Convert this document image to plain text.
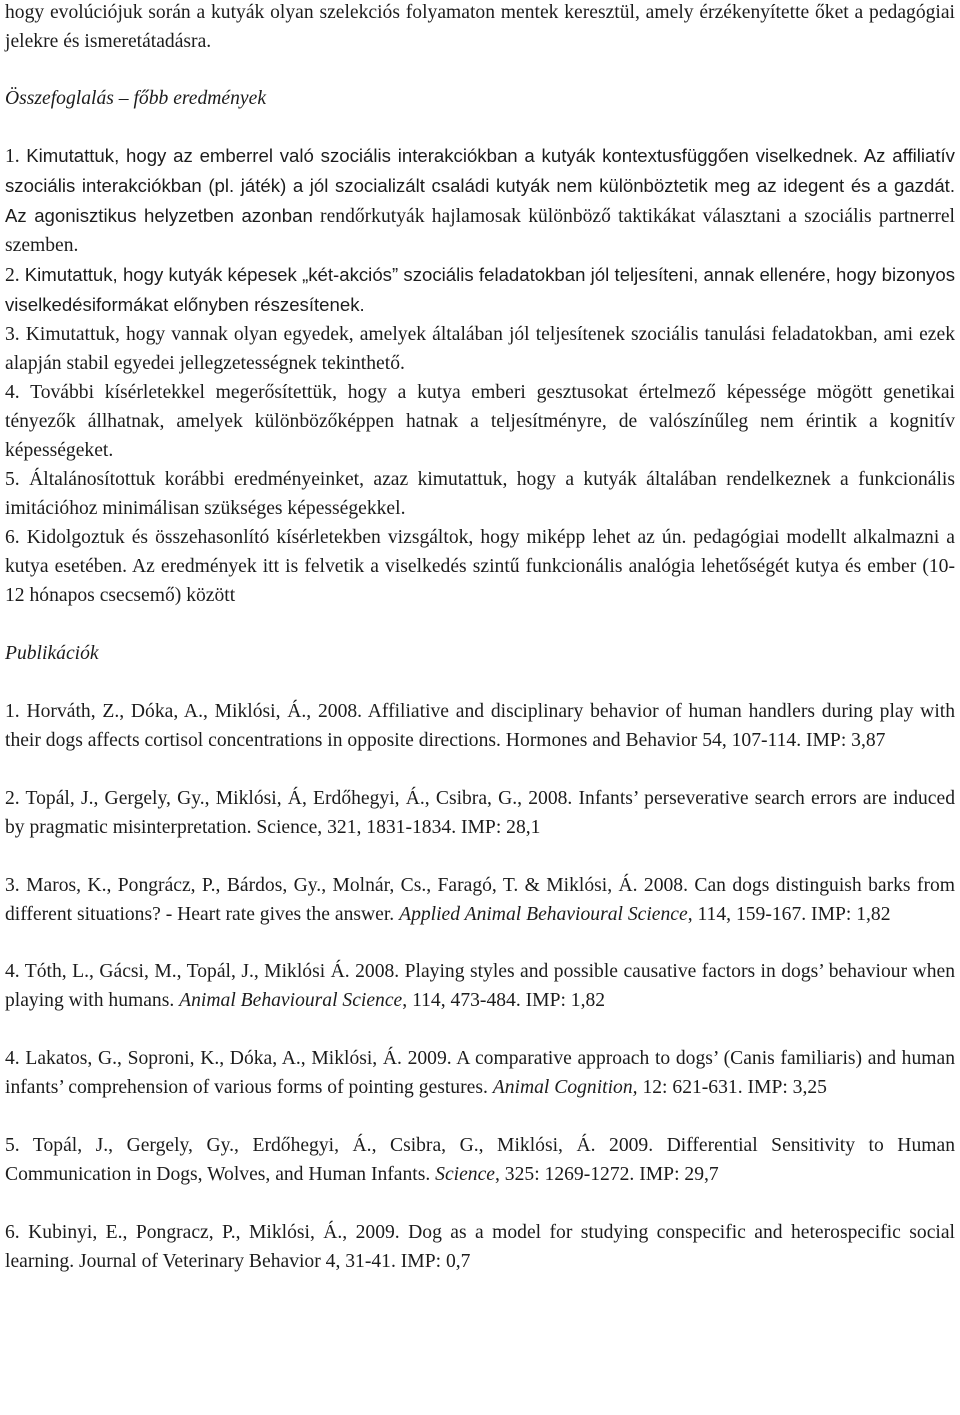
hogy evolúciójuk során a kutyák olyan szelekciós folyamaton mentek keresztül, amely érzékenyítette őket a pedagógiai jelekre és ismeretátadásra.

Összefoglalás – főbb eredmények

1. Kimutattuk, hogy az emberrel való szociális interakciókban a kutyák kontextusfüggően viselkednek. Az affiliatív szociális interakciókban (pl. játék) a jól szocializált családi kutyák nem különböztetik meg az idegent és a gazdát. Az agonisztikus helyzetben azonban rendőrkutyák hajlamosak különböző taktikákat választani a szociális partnerrel szemben.

2. Kimutattuk, hogy kutyák képesek „két-akciós” szociális feladatokban jól teljesíteni, annak ellenére, hogy bizonyos viselkedésiformákat előnyben részesítenek.

3. Kimutattuk, hogy vannak olyan egyedek, amelyek általában jól teljesítenek szociális tanulási feladatokban, ami ezek alapján stabil egyedei jellegzetességnek tekinthető.

4. További kísérletekkel megerősítettük, hogy a kutya emberi gesztusokat értelmező képessége mögött genetikai tényezők állhatnak, amelyek különbözőképpen hatnak a teljesítményre, de valószínűleg nem érintik a kognitív képességeket.

5. Általánosítottuk korábbi eredményeinket, azaz kimutattuk, hogy a kutyák általában rendelkeznek a funkcionális imitációhoz minimálisan szükséges képességekkel.

6. Kidolgoztuk és összehasonlító kísérletekben vizsgáltok, hogy miképp lehet az ún. pedagógiai modellt alkalmazni a kutya esetében. Az eredmények itt is felvetik a viselkedés szintű funkcionális analógia lehetőségét kutya és ember (10-12 hónapos csecsemő) között

Publikációk

1. Horváth, Z., Dóka, A., Miklósi, Á., 2008. Affiliative and disciplinary behavior of human handlers during play with their dogs affects cortisol concentrations in opposite directions. Hormones and Behavior 54, 107-114. IMP: 3,87

2. Topál, J., Gergely, Gy., Miklósi, Á, Erdőhegyi, Á., Csibra, G., 2008. Infants’ perseverative search errors are induced by pragmatic misinterpretation. Science, 321, 1831-1834. IMP: 28,1

3. Maros, K., Pongrácz, P., Bárdos, Gy., Molnár, Cs., Faragó, T. & Miklósi, Á. 2008. Can dogs distinguish barks from different situations? - Heart rate gives the answer. Applied Animal Behavioural Science, 114, 159-167. IMP: 1,82

4. Tóth, L., Gácsi, M., Topál, J., Miklósi Á. 2008. Playing styles and possible causative factors in dogs’ behaviour when playing with humans. Animal Behavioural Science, 114, 473-484. IMP: 1,82

4. Lakatos, G., Soproni, K., Dóka, A., Miklósi, Á. 2009. A comparative approach to dogs’ (Canis familiaris) and human infants’ comprehension of various forms of pointing gestures. Animal Cognition, 12: 621-631. IMP: 3,25

5. Topál, J., Gergely, Gy., Erdőhegyi, Á., Csibra, G., Miklósi, Á. 2009. Differential Sensitivity to Human Communication in Dogs, Wolves, and Human Infants. Science, 325: 1269-1272. IMP: 29,7

6. Kubinyi, E., Pongracz, P., Miklósi, Á., 2009. Dog as a model for studying conspecific and heterospecific social learning. Journal of Veterinary Behavior 4, 31-41. IMP: 0,7
